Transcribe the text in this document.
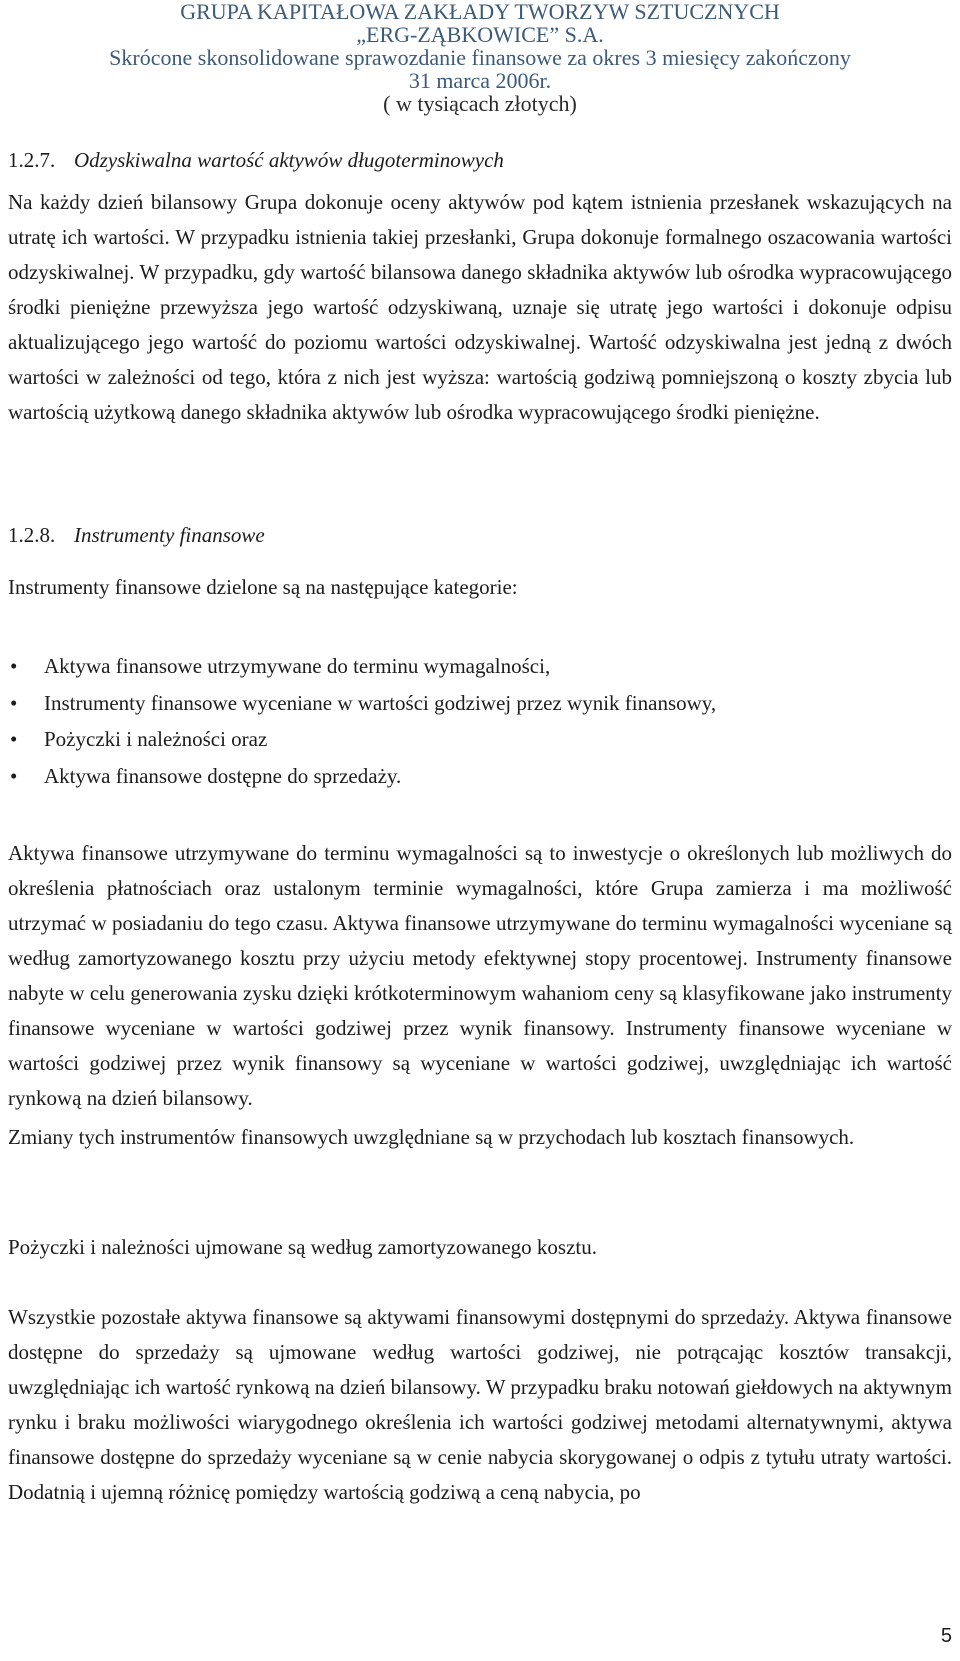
GRUPA KAPITAŁOWA ZAKŁADY TWORZYW SZTUCZNYCH
„ERG-ZĄBKOWICE” S.A.
Skrócone skonsolidowane sprawozdanie finansowe za okres 3 miesięcy zakończony
31 marca 2006r.
( w tysiącach złotych)
1.2.7. Odzyskiwalna wartość aktywów długoterminowych

Na każdy dzień bilansowy Grupa dokonuje oceny aktywów pod kątem istnienia przesłanek wskazujących na utratę ich wartości. W przypadku istnienia takiej przesłanki, Grupa dokonuje formalnego oszacowania wartości odzyskiwalnej. W przypadku, gdy wartość bilansowa danego składnika aktywów lub ośrodka wypracowującego środki pieniężne przewyższa jego wartość odzyskiwaną, uznaje się utratę jego wartości i dokonuje odpisu aktualizującego jego wartość do poziomu wartości odzyskiwalnej. Wartość odzyskiwalna jest jedną z dwóch wartości w zależności od tego, która z nich jest wyższa: wartością godziwą pomniejszoną o koszty zbycia lub wartością użytkową danego składnika aktywów lub ośrodka wypracowującego środki pieniężne.

1.2.8. Instrumenty finansowe

Instrumenty finansowe dzielone są na następujące kategorie:

• Aktywa finansowe utrzymywane do terminu wymagalności,
• Instrumenty finansowe wyceniane w wartości godziwej przez wynik finansowy,
• Pożyczki i należności oraz
• Aktywa finansowe dostępne do sprzedaży.

Aktywa finansowe utrzymywane do terminu wymagalności są to inwestycje o określonych lub możliwych do określenia płatnościach oraz ustalonym terminie wymagalności, które Grupa zamierza i ma możliwość utrzymać w posiadaniu do tego czasu. Aktywa finansowe utrzymywane do terminu wymagalności wyceniane są według zamortyzowanego kosztu przy użyciu metody efektywnej stopy procentowej. Instrumenty finansowe nabyte w celu generowania zysku dzięki krótkoterminowym wahaniom ceny są klasyfikowane jako instrumenty finansowe wyceniane w wartości godziwej przez wynik finansowy. Instrumenty finansowe wyceniane w wartości godziwej przez wynik finansowy są wyceniane w wartości godziwej, uwzględniając ich wartość rynkową na dzień bilansowy.

Zmiany tych instrumentów finansowych uwzględniane są w przychodach lub kosztach finansowych.

Pożyczki i należności ujmowane są według zamortyzowanego kosztu.

Wszystkie pozostałe aktywa finansowe są aktywami finansowymi dostępnymi do sprzedaży. Aktywa finansowe dostępne do sprzedaży są ujmowane według wartości godziwej, nie potrącając kosztów transakcji, uwzględniając ich wartość rynkową na dzień bilansowy. W przypadku braku notowań giełdowych na aktywnym rynku i braku możliwości wiarygodnego określenia ich wartości godziwej metodami alternatywnymi, aktywa finansowe dostępne do sprzedaży wyceniane są w cenie nabycia skorygowanej o odpis z tytułu utraty wartości. Dodatnią i ujemną różnicę pomiędzy wartością godziwą a ceną nabycia, po

5
